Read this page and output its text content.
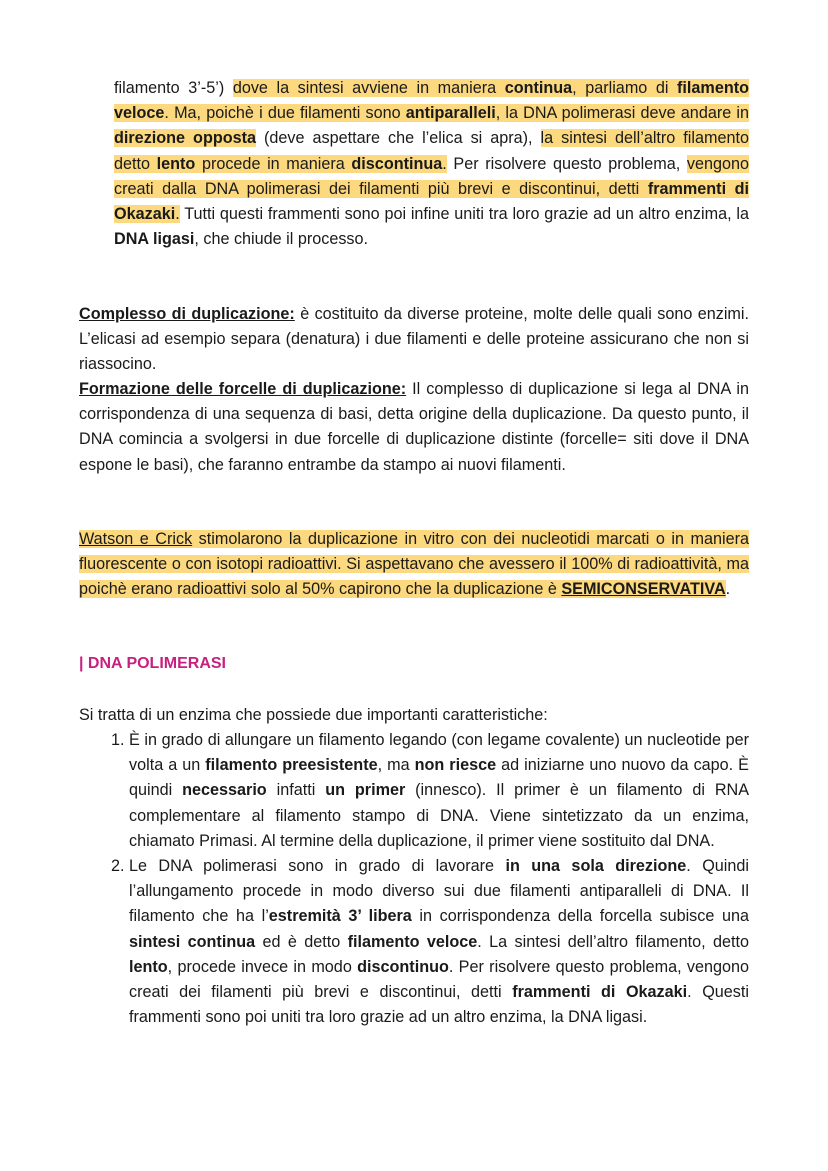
filamento 3’-5’) dove la sintesi avviene in maniera continua, parliamo di filamento veloce. Ma, poichè i due filamenti sono antiparalleli, la DNA polimerasi deve andare in direzione opposta (deve aspettare che l’elica si apra), la sintesi dell’altro filamento detto lento procede in maniera discontinua. Per risolvere questo problema, vengono creati dalla DNA polimerasi dei filamenti più brevi e discontinui, detti frammenti di Okazaki. Tutti questi frammenti sono poi infine uniti tra loro grazie ad un altro enzima, la DNA ligasi, che chiude il processo.
Complesso di duplicazione: è costituito da diverse proteine, molte delle quali sono enzimi. L’elicasi ad esempio separa (denatura) i due filamenti e delle proteine assicurano che non si riassocino.
Formazione delle forcelle di duplicazione: Il complesso di duplicazione si lega al DNA in corrispondenza di una sequenza di basi, detta origine della duplicazione. Da questo punto, il DNA comincia a svolgersi in due forcelle di duplicazione distinte (forcelle= siti dove il DNA espone le basi), che faranno entrambe da stampo ai nuovi filamenti.
Watson e Crick stimolarono la duplicazione in vitro con dei nucleotidi marcati o in maniera fluorescente o con isotopi radioattivi. Si aspettavano che avessero il 100% di radioattività, ma poichè erano radioattivi solo al 50% capirono che la duplicazione è SEMICONSERVATIVA.
| DNA POLIMERASI
Si tratta di un enzima che possiede due importanti caratteristiche:
1. È in grado di allungare un filamento legando (con legame covalente) un nucleotide per volta a un filamento preesistente, ma non riesce ad iniziarne uno nuovo da capo. È quindi necessario infatti un primer (innesco). Il primer è un filamento di RNA complementare al filamento stampo di DNA. Viene sintetizzato da un enzima, chiamato Primasi. Al termine della duplicazione, il primer viene sostituito dal DNA.
2. Le DNA polimerasi sono in grado di lavorare in una sola direzione. Quindi l’allungamento procede in modo diverso sui due filamenti antiparalleli di DNA. Il filamento che ha l’estremità 3’ libera in corrispondenza della forcella subisce una sintesi continua ed è detto filamento veloce. La sintesi dell’altro filamento, detto lento, procede invece in modo discontinuo. Per risolvere questo problema, vengono creati dei filamenti più brevi e discontinui, detti frammenti di Okazaki. Questi frammenti sono poi uniti tra loro grazie ad un altro enzima, la DNA ligasi.
